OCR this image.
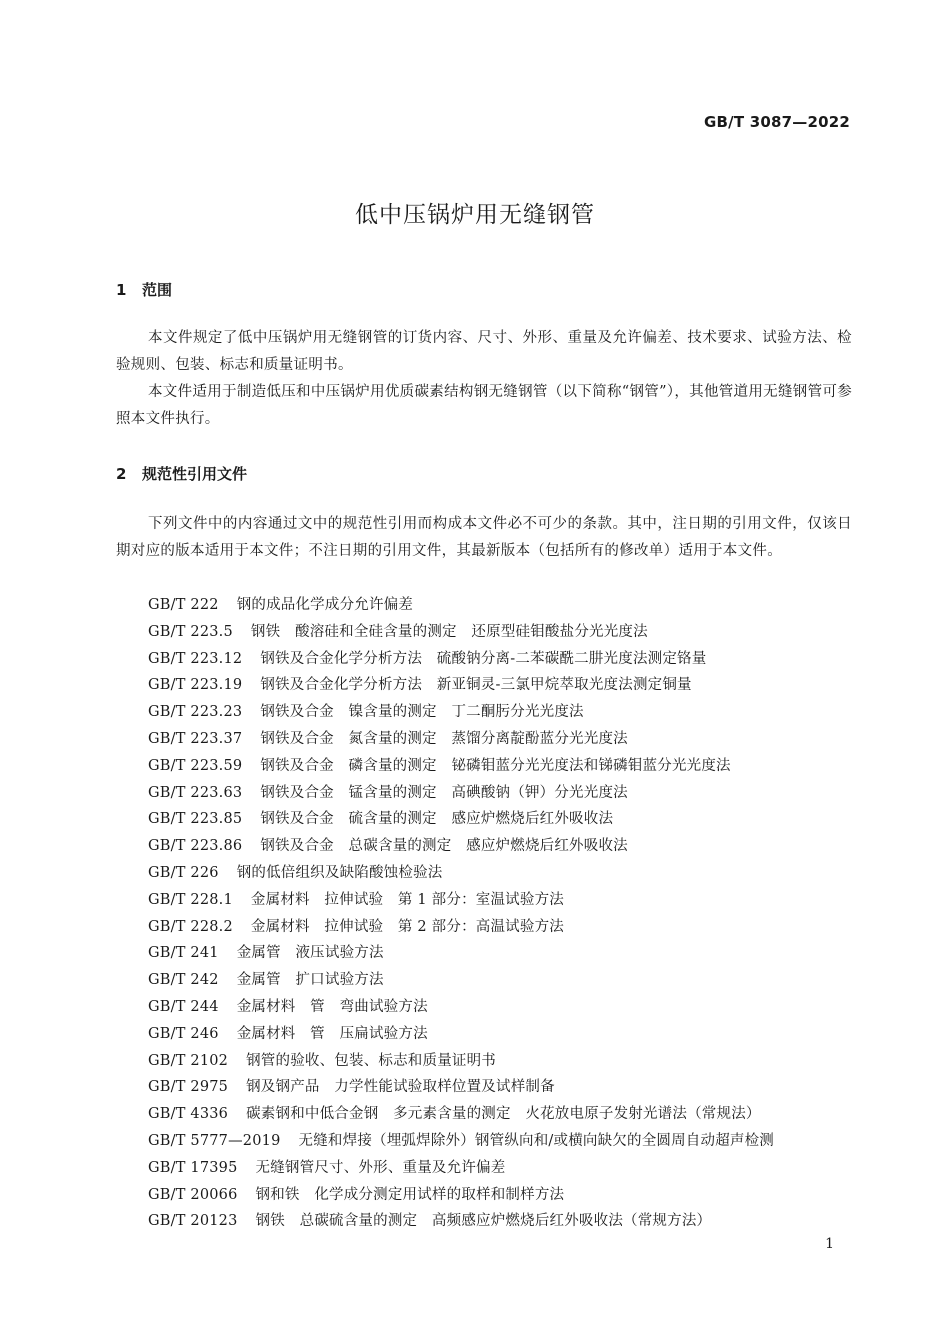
GB/T 3087—2022
低中压锅炉用无缝钢管
1 范围

本文件规定了低中压锅炉用无缝钢管的订货内容、尺寸、外形、重量及允许偏差、技术要求、试验方法、检验规则、包装、标志和质量证明书。

本文件适用于制造低压和中压锅炉用优质碳素结构钢无缝钢管（以下简称“钢管”），其他管道用无缝钢管可参照本文件执行。

2 规范性引用文件

下列文件中的内容通过文中的规范性引用而构成本文件必不可少的条款。其中，注日期的引用文件，仅该日期对应的版本适用于本文件；不注日期的引用文件，其最新版本（包括所有的修改单）适用于本文件。

GB/T 222 钢的成品化学成分允许偏差
GB/T 223.5 钢铁　酸溶硅和全硅含量的测定　还原型硅钼酸盐分光光度法
GB/T 223.12 钢铁及合金化学分析方法　硫酸钠分离-二苯碳酰二肼光度法测定铬量
GB/T 223.19 钢铁及合金化学分析方法　新亚铜灵-三氯甲烷萃取光度法测定铜量
GB/T 223.23 钢铁及合金　镍含量的测定　丁二酮肟分光光度法
GB/T 223.37 钢铁及合金　氮含量的测定　蒸馏分离靛酚蓝分光光度法
GB/T 223.59 钢铁及合金　磷含量的测定　铋磷钼蓝分光光度法和锑磷钼蓝分光光度法
GB/T 223.63 钢铁及合金　锰含量的测定　高碘酸钠（钾）分光光度法
GB/T 223.85 钢铁及合金　硫含量的测定　感应炉燃烧后红外吸收法
GB/T 223.86 钢铁及合金　总碳含量的测定　感应炉燃烧后红外吸收法
GB/T 226 钢的低倍组织及缺陷酸蚀检验法
GB/T 228.1 金属材料　拉伸试验　第 1 部分：室温试验方法
GB/T 228.2 金属材料　拉伸试验　第 2 部分：高温试验方法
GB/T 241 金属管　液压试验方法
GB/T 242 金属管　扩口试验方法
GB/T 244 金属材料　管　弯曲试验方法
GB/T 246 金属材料　管　压扁试验方法
GB/T 2102 钢管的验收、包装、标志和质量证明书
GB/T 2975 钢及钢产品　力学性能试验取样位置及试样制备
GB/T 4336 碳素钢和中低合金钢　多元素含量的测定　火花放电原子发射光谱法（常规法）
GB/T 5777—2019 无缝和焊接（埋弧焊除外）钢管纵向和/或横向缺欠的全圆周自动超声检测
GB/T 17395 无缝钢管尺寸、外形、重量及允许偏差
GB/T 20066 钢和铁　化学成分测定用试样的取样和制样方法
GB/T 20123 钢铁　总碳硫含量的测定　高频感应炉燃烧后红外吸收法（常规方法）
1
